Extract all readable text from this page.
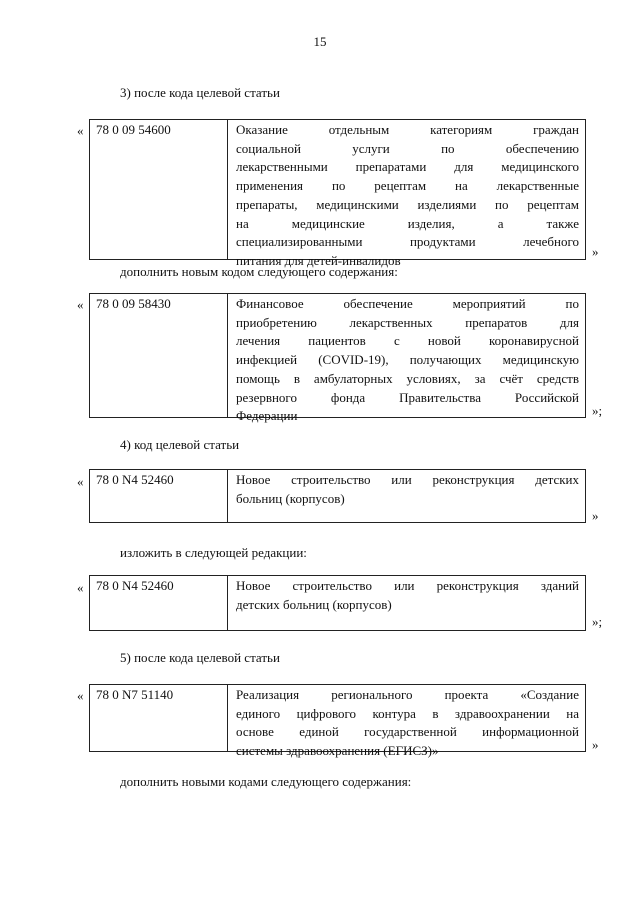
15
3) после кода целевой статьи
« 78 0 09 54600	Оказание отдельным категориям граждан
социальной услуги по обеспечению
лекарственными препаратами для медицинского
применения по рецептам на лекарственные
препараты, медицинскими изделиями по рецептам
на медицинские изделия, а также
специализированными продуктами лечебного
питания для детей-инвалидов
»
дополнить новым кодом следующего содержания:
« 78 0 09 58430	Финансовое обеспечение мероприятий по
приобретению лекарственных препаратов для
лечения пациентов с новой коронавирусной
инфекцией (COVID-19), получающих медицинскую
помощь в амбулаторных условиях, за счёт средств
резервного фонда Правительства Российской
Федерации	»;
4) код целевой статьи
« 78 0 N4 52460	Новое строительство или реконструкция детских
больниц (корпусов)
»
изложить в следующей редакции:
« 78 0 N4 52460	Новое строительство или реконструкция зданий
детских больниц (корпусов)
»;
5) после кода целевой статьи
« 78 0 N7 51140	Реализация регионального проекта «Создание
единого цифрового контура в здравоохранении на
основе единой государственной информационной
системы здравоохранения (ЕГИСЗ)»	»
дополнить новыми кодами следующего содержания:
